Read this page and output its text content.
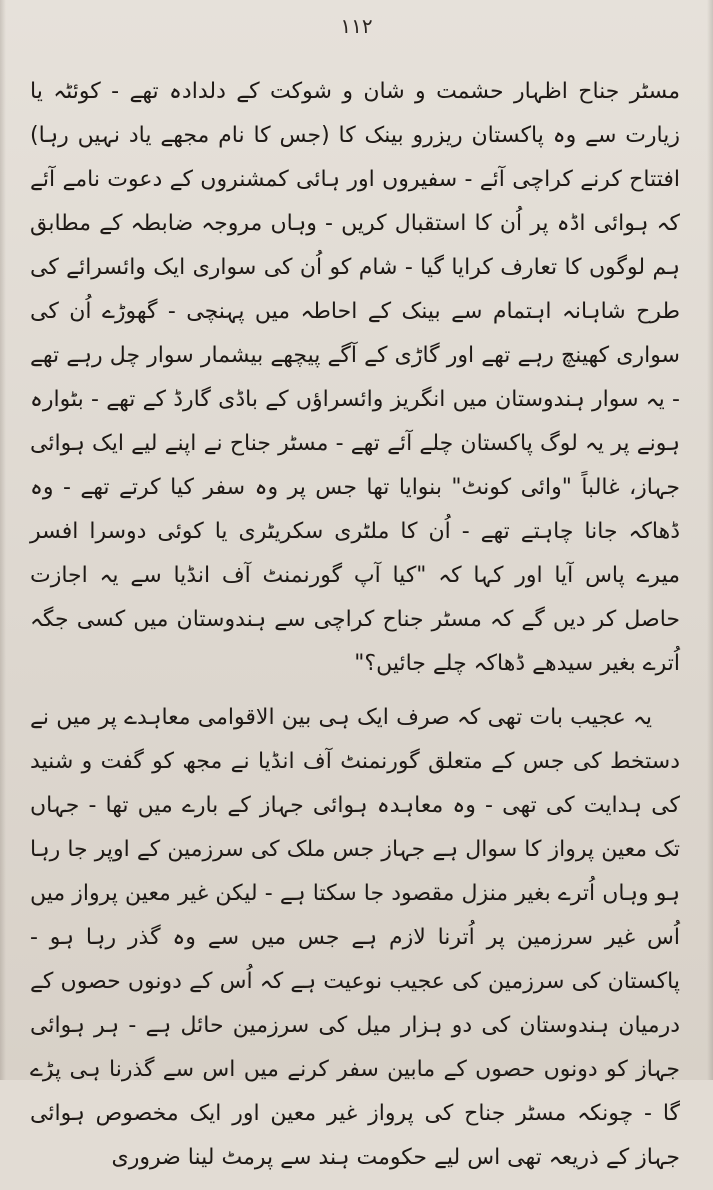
۱۱۲

مسٹر جناح اظہار حشمت و شان و شوکت کے دلدادہ تھے - کوئٹہ یا زیارت سے وہ پاکستان ریزرو بینک کا (جس کا نام مجھے یاد نہیں رہا) افتتاح کرنے کراچی آئے - سفیروں اور ہائی کمشنروں کے دعوت نامے آئے کہ ہوائی اڈہ پر اُن کا استقبال کریں - وہاں مروجہ ضابطہ کے مطابق ہم لوگوں کا تعارف کرایا گیا - شام کو اُن کی سواری ایک وائسرائے کی طرح شاہانہ اہتمام سے بینک کے احاطہ میں پہنچی - گھوڑے اُن کی سواری کھینچ رہے تھے اور گاڑی کے آگے پیچھے بیشمار سوار چل رہے تھے - یہ سوار ہندوستان میں انگریز وائسراؤں کے باڈی گارڈ کے تھے - بٹوارہ ہونے پر یہ لوگ پاکستان چلے آئے تھے - مسٹر جناح نے اپنے لیے ایک ہوائی جہاز، غالباً "وائی کونٹ" بنوایا تھا جس پر وہ سفر کیا کرتے تھے - وہ ڈھاکہ جانا چاہتے تھے - اُن کا ملٹری سکریٹری یا کوئی دوسرا افسر میرے پاس آیا اور کہا کہ "کیا آپ گورنمنٹ آف انڈیا سے یہ اجازت حاصل کر دیں گے کہ مسٹر جناح کراچی سے ہندوستان میں کسی جگہ اُترے بغیر سیدھے ڈھاکہ چلے جائیں؟"

یہ عجیب بات تھی کہ صرف ایک ہی بین الاقوامی معاہدے پر میں نے دستخط کی جس کے متعلق گورنمنٹ آف انڈیا نے مجھ کو گفت و شنید کی ہدایت کی تھی - وہ معاہدہ ہوائی جہاز کے بارے میں تھا - جہاں تک معین پرواز کا سوال ہے جہاز جس ملک کی سرزمین کے اوپر جا رہا ہو وہاں اُترے بغیر منزل مقصود جا سکتا ہے - لیکن غیر معین پرواز میں اُس غیر سرزمین پر اُترنا لازم ہے جس میں سے وہ گذر رہا ہو - پاکستان کی سرزمین کی عجیب نوعیت ہے کہ اُس کے دونوں حصوں کے درمیان ہندوستان کی دو ہزار میل کی سرزمین حائل ہے - ہر ہوائی جہاز کو دونوں حصوں کے مابین سفر کرنے میں اس سے گذرنا ہی پڑے گا - چونکہ مسٹر جناح کی پرواز غیر معین اور ایک مخصوص ہوائی جہاز کے ذریعہ تھی اس لیے حکومت ہند سے پرمٹ لینا ضروری
